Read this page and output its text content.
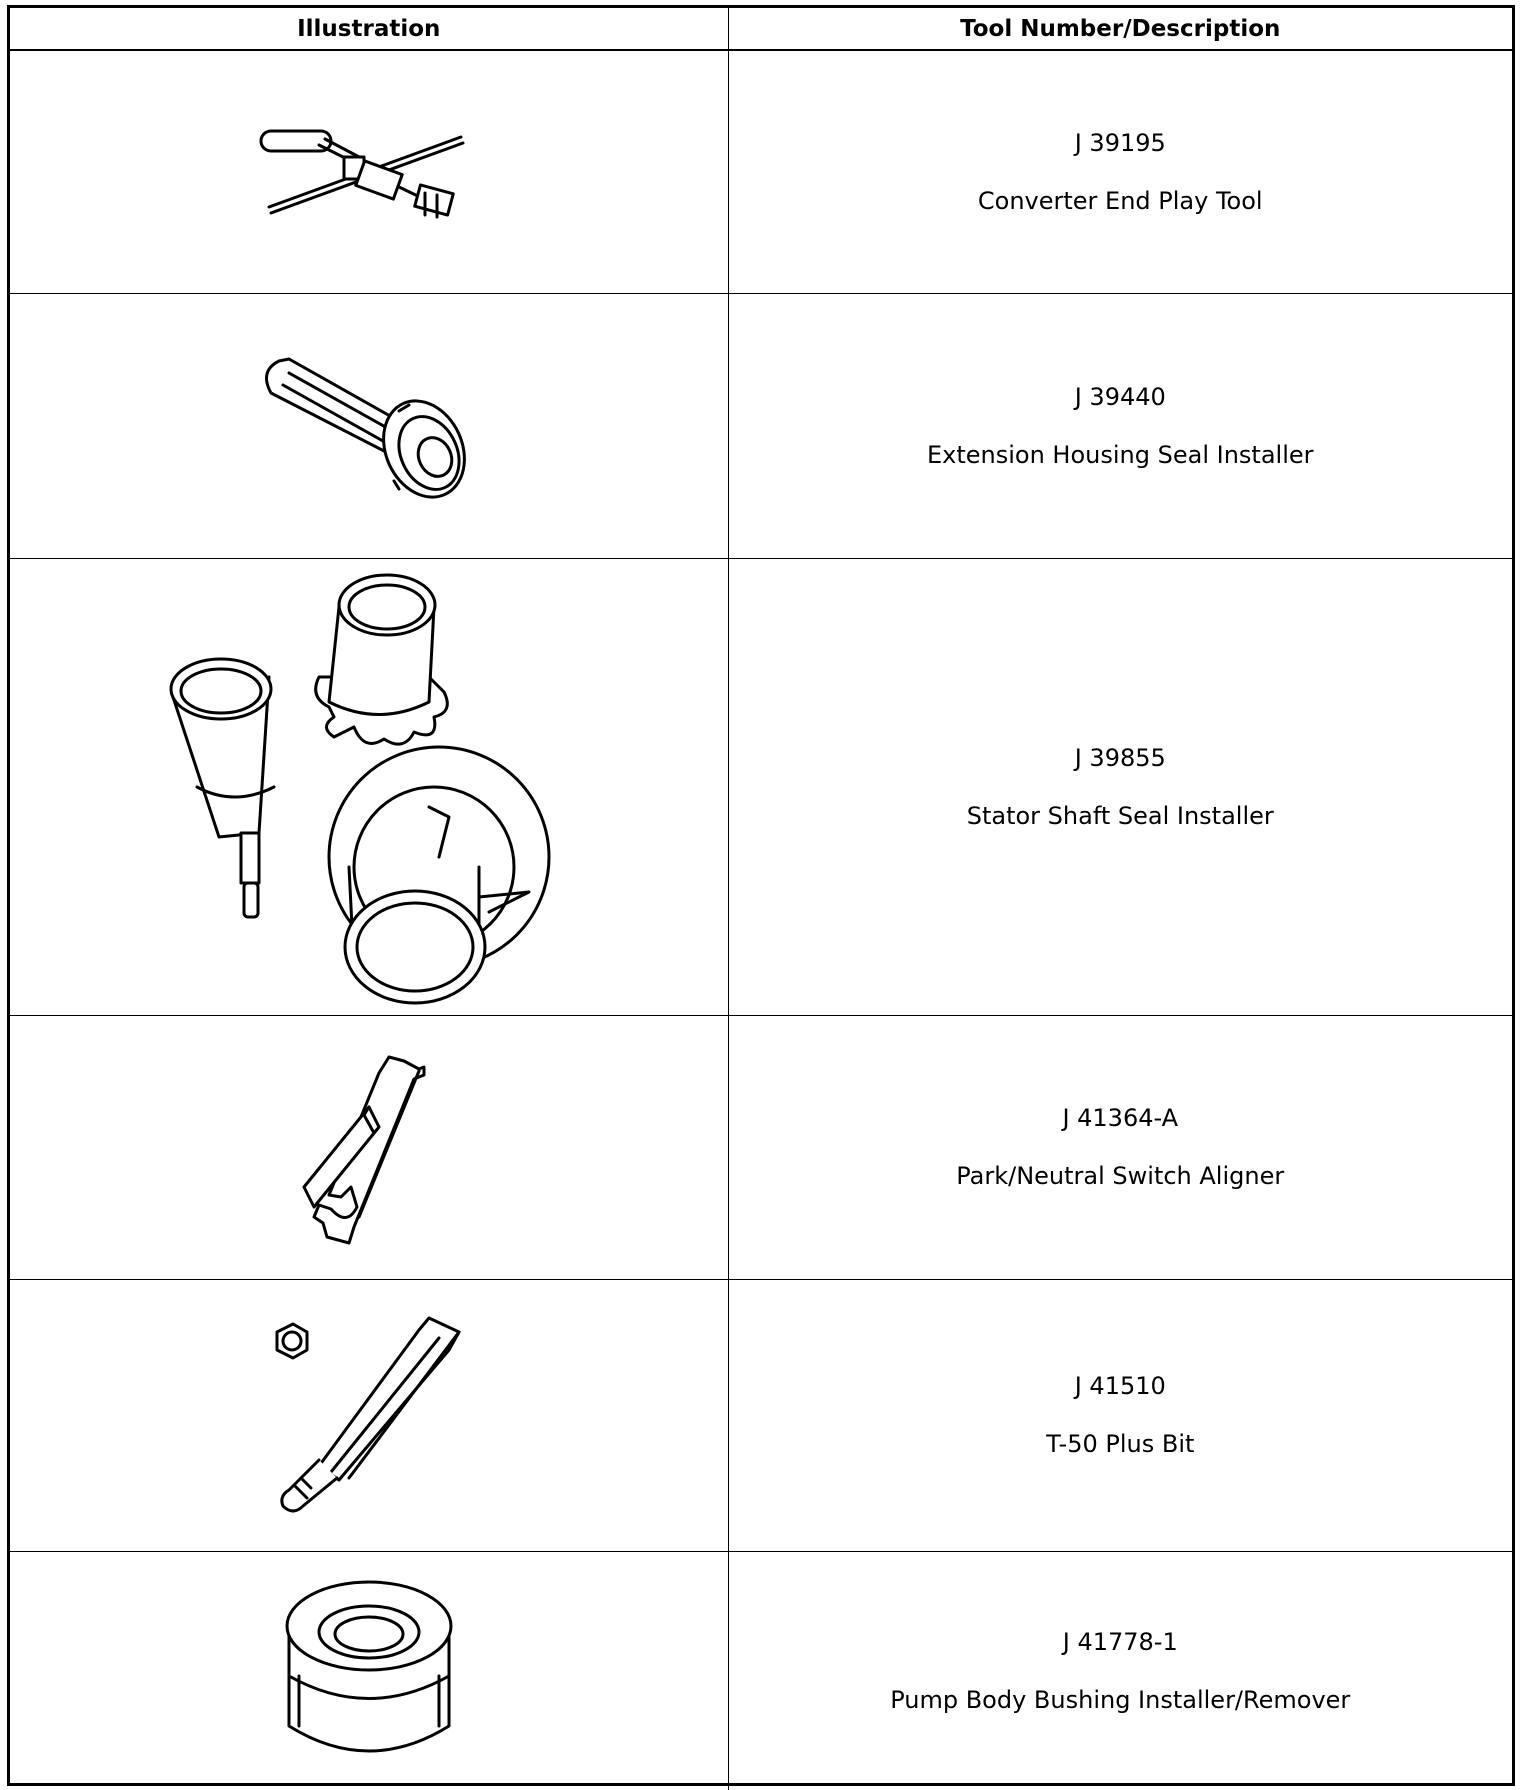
Illustration	Tool Number/Description

J 39195
Converter End Play Tool

J 39440
Extension Housing Seal Installer

J 39855
Stator Shaft Seal Installer

J 41364-A
Park/Neutral Switch Aligner

J 41510
T-50 Plus Bit

J 41778-1
Pump Body Bushing Installer/Remover
